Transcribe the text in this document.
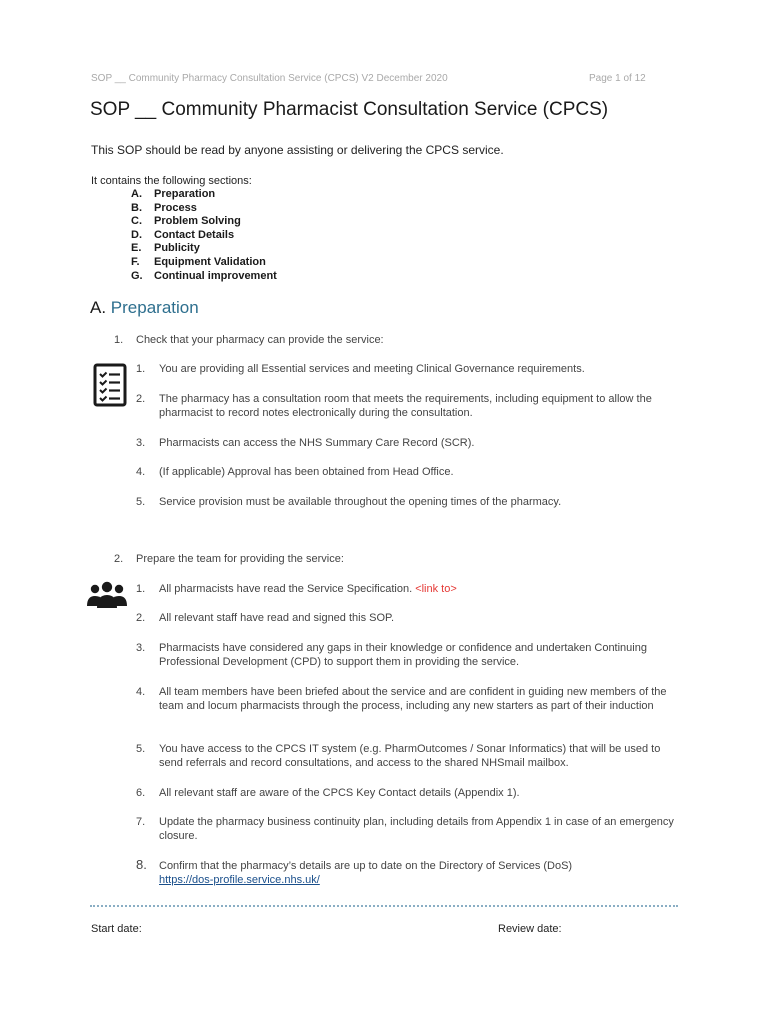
SOP __ Community Pharmacy Consultation Service (CPCS) V2 December 2020	Page 1 of 12
SOP __ Community Pharmacist Consultation Service (CPCS)
This SOP should be read by anyone assisting or delivering the CPCS service.
It contains the following sections:
A. Preparation
B. Process
C. Problem Solving
D. Contact Details
E. Publicity
F. Equipment Validation
G. Continual improvement
A. Preparation
1. Check that your pharmacy can provide the service:
1. You are providing all Essential services and meeting Clinical Governance requirements.
2. The pharmacy has a consultation room that meets the requirements, including equipment to allow the pharmacist to record notes electronically during the consultation.
3. Pharmacists can access the NHS Summary Care Record (SCR).
4. (If applicable) Approval has been obtained from Head Office.
5. Service provision must be available throughout the opening times of the pharmacy.
2. Prepare the team for providing the service:
1. All pharmacists have read the Service Specification. <link to>
2. All relevant staff have read and signed this SOP.
3. Pharmacists have considered any gaps in their knowledge or confidence and undertaken Continuing Professional Development (CPD) to support them in providing the service.
4. All team members have been briefed about the service and are confident in guiding new members of the team and locum pharmacists through the process, including any new starters as part of their induction
5. You have access to the CPCS IT system (e.g. PharmOutcomes / Sonar Informatics) that will be used to send referrals and record consultations, and access to the shared NHSmail mailbox.
6. All relevant staff are aware of the CPCS Key Contact details (Appendix 1).
7. Update the pharmacy business continuity plan, including details from Appendix 1 in case of an emergency closure.
8. Confirm that the pharmacy’s details are up to date on the Directory of Services (DoS)
https://dos-profile.service.nhs.uk/
Start date:	Review date:
